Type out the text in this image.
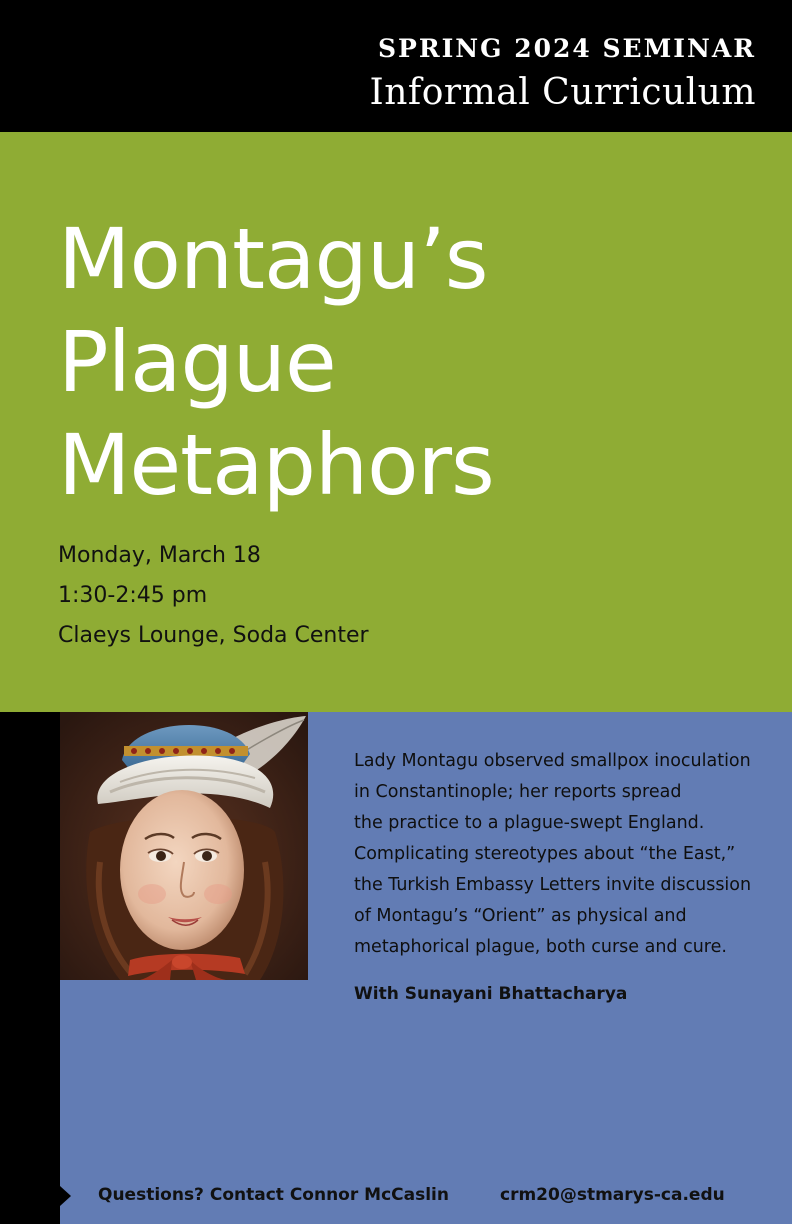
SPRING 2024 SEMINAR
Informal Curriculum
Montagu’s
Plague
Metaphors
Monday, March 18
1:30-2:45 pm
Claeys Lounge, Soda Center
Lady Montagu observed smallpox inoculation
in Constantinople; her reports spread
the practice to a plague-swept England.
Complicating stereotypes about “the East,”
the Turkish Embassy Letters invite discussion
of Montagu’s “Orient” as physical and
metaphorical plague, both curse and cure.
With Sunayani Bhattacharya
Questions? Contact Connor McCaslin	crm20@stmarys-ca.edu
